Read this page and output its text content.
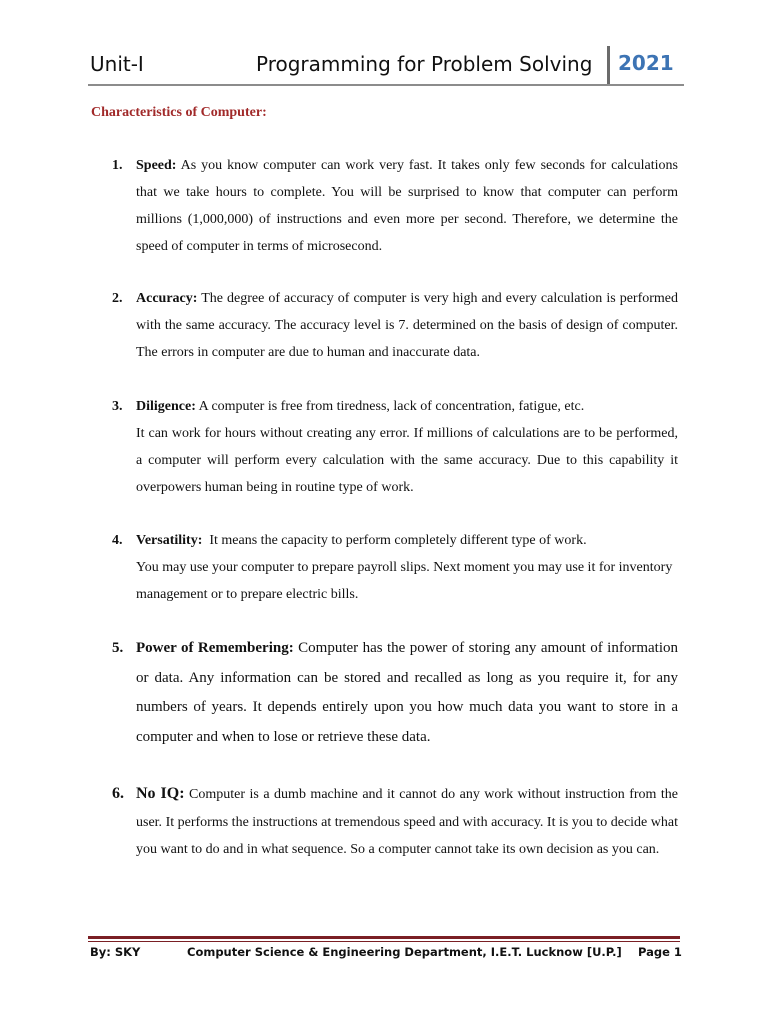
Unit-I	Programming for Problem Solving 2021
Characteristics of Computer:
1. Speed: As you know computer can work very fast. It takes only few seconds for calculations that we take hours to complete. You will be surprised to know that computer can perform millions (1,000,000) of instructions and even more per second. Therefore, we determine the speed of computer in terms of microsecond.

2. Accuracy: The degree of accuracy of computer is very high and every calculation is performed with the same accuracy. The accuracy level is 7. determined on the basis of design of computer. The errors in computer are due to human and inaccurate data.

3. Diligence: A computer is free from tiredness, lack of concentration, fatigue, etc.

It can work for hours without creating any error. If millions of calculations are to be performed, a computer will perform every calculation with the same accuracy. Due to this capability it overpowers human being in routine type of work.

4. Versatility: It means the capacity to perform completely different type of work.

You may use your computer to prepare payroll slips. Next moment you may use it for inventory management or to prepare electric bills.

5. Power of Remembering: Computer has the power of storing any amount of information or data. Any information can be stored and recalled as long as you require it, for any numbers of years. It depends entirely upon you how much data you want to store in a computer and when to lose or retrieve these data.

6. No IQ: Computer is a dumb machine and it cannot do any work without instruction from the user. It performs the instructions at tremendous speed and with accuracy. It is you to decide what you want to do and in what sequence. So a computer cannot take its own decision as you can.

By: SKY	Computer Science & Engineering Department, I.E.T. Lucknow [U.P.] Page 1
